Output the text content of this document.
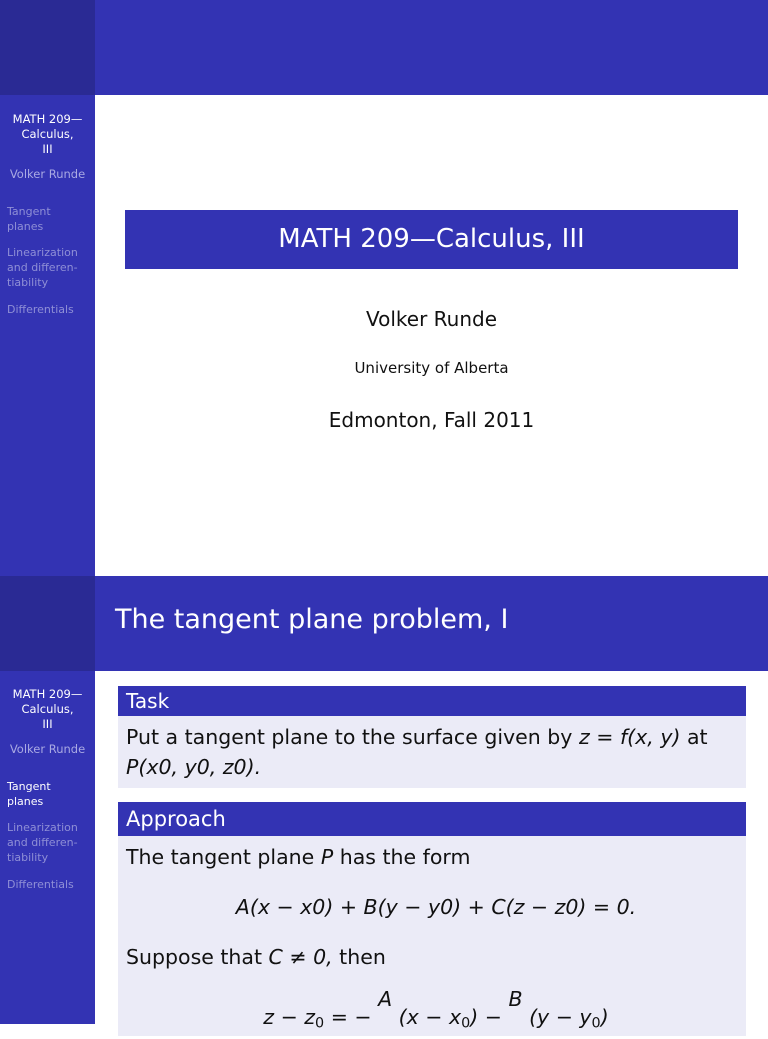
MATH 209—
Calculus,
III
Volker Runde
Tangent
planes
Linearization
and differen-
tiability
Differentials
MATH 209—Calculus, III
Volker Runde
University of Alberta
Edmonton, Fall 2011
The tangent plane problem, I
MATH 209—
Calculus,
III
Volker Runde
Tangent
planes
Linearization
and differen-
tiability
Differentials
Task
Put a tangent plane to the surface given by z = f(x, y) at
P(x0, y0, z0).
Approach
The tangent plane P has the form
A(x − x0) + B(y − y0) + C(z − z0) = 0.
Suppose that C ≠ 0, then
$z - z_0$ = − A $(x - x_0) - B$ $(y - y_0)$
